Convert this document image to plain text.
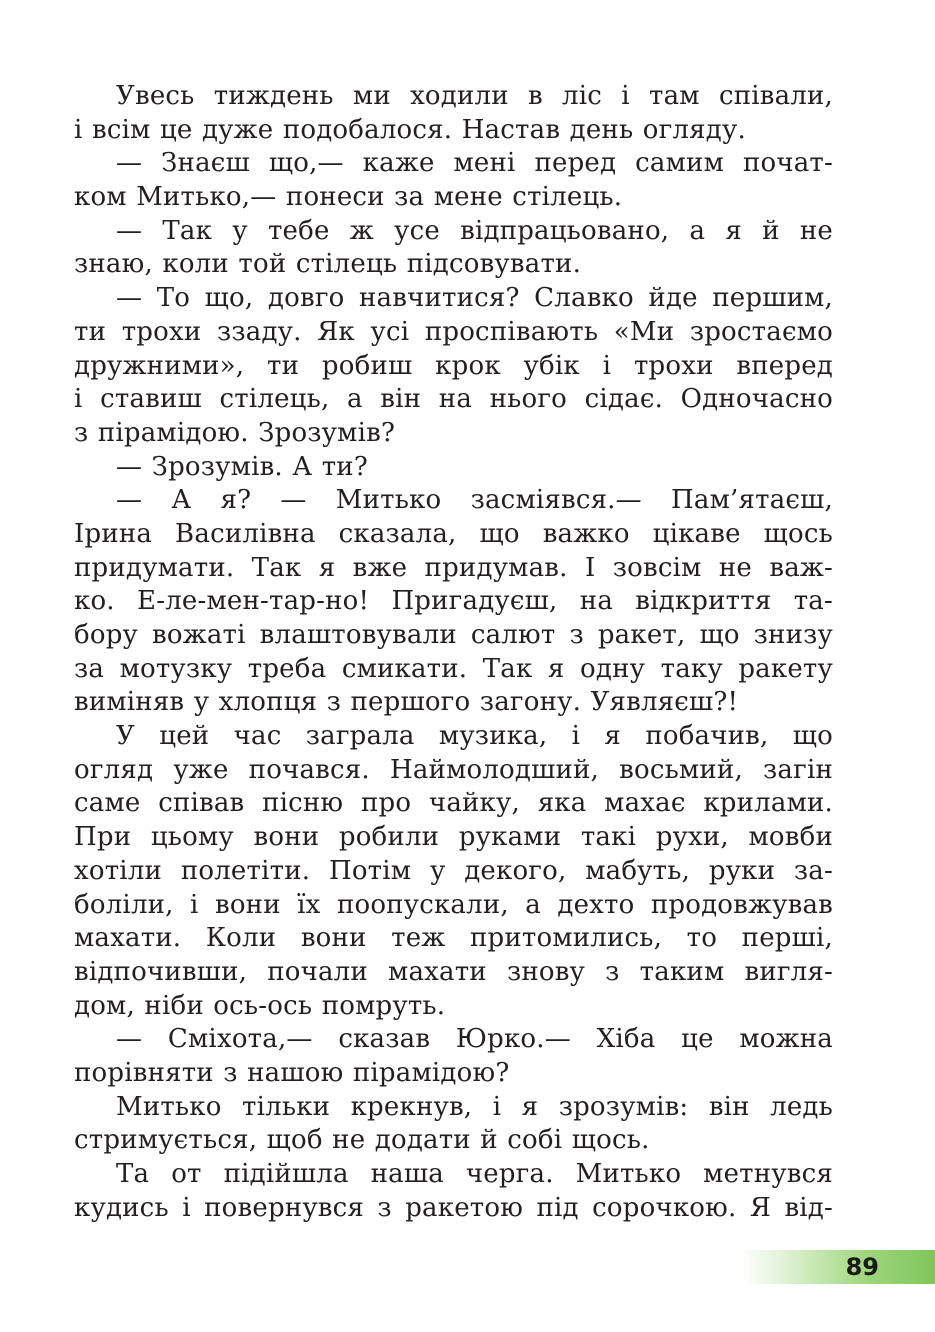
Увесь тиждень ми ходили в ліс і там співали,
і всім це дуже подобалося. Настав день огляду.
— Знаєш що,— каже мені перед самим почат-
ком Митько,— понеси за мене стілець.
— Так у тебе ж усе відпрацьовано, а я й не
знаю, коли той стілець підсовувати.
— То що, довго навчитися? Славко йде першим,
ти трохи ззаду. Як усі проспівають «Ми зростаємо
дружними», ти робиш крок убік і трохи вперед
і ставиш стілець, а він на нього сідає. Одночасно
з пірамідою. Зрозумів?
— Зрозумів. А ти?
— А я? — Митько засміявся.— Пам’ятаєш,
Ірина Василівна сказала, що важко цікаве щось
придумати. Так я вже придумав. І зовсім не важ-
ко. Е-ле-мен-тар-но! Пригадуєш, на відкриття та-
бору вожаті влаштовували салют з ракет, що знизу
за мотузку треба смикати. Так я одну таку ракету
виміняв у хлопця з першого загону. Уявляєш?!
У цей час заграла музика, і я побачив, що
огляд уже почався. Наймолодший, восьмий, загін
саме співав пісню про чайку, яка махає крилами.
При цьому вони робили руками такі рухи, мовби
хотіли полетіти. Потім у декого, мабуть, руки за-
боліли, і вони їх поопускали, а дехто продовжував
махати. Коли вони теж притомились, то перші,
відпочивши, почали махати знову з таким вигля-
дом, ніби ось-ось помруть.
— Сміхота,— сказав Юрко.— Хіба це можна
порівняти з нашою пірамідою?
Митько тільки крекнув, і я зрозумів: він ледь
стримується, щоб не додати й собі щось.
Та от підійшла наша черга. Митько метнувся
кудись і повернувся з ракетою під сорочкою. Я від-
89
